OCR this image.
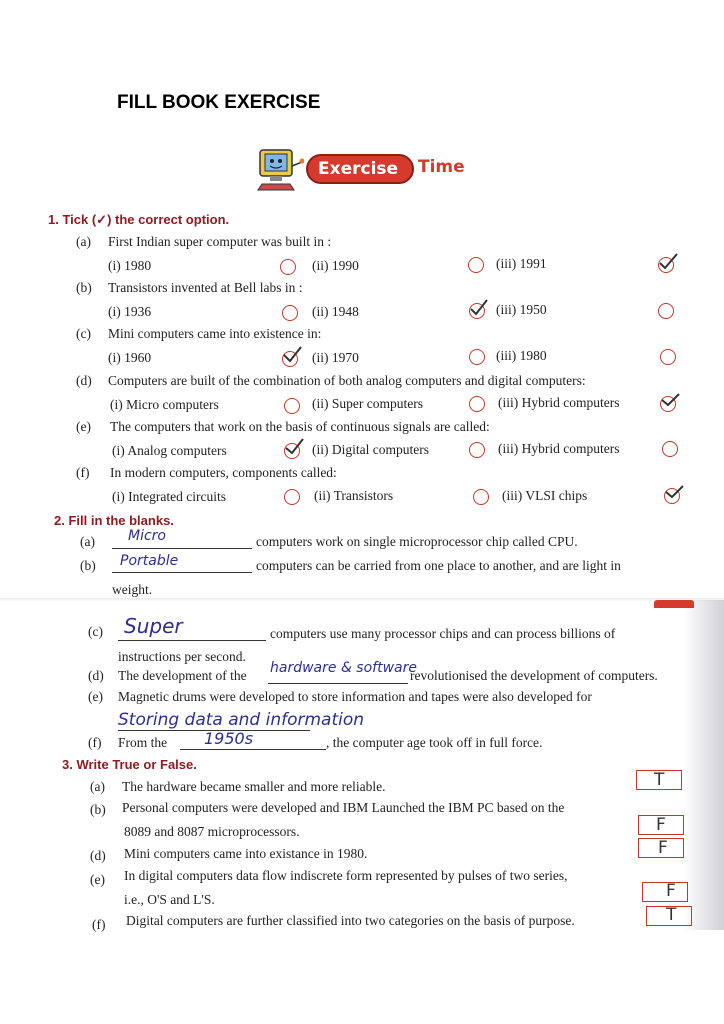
FILL BOOK EXERCISE
Exercise Time
1. Tick (✓) the correct option.
(a) First Indian super computer was built in :
(i) 1980	(ii) 1990	(iii) 1991
(b) Transistors invented at Bell labs in :
(i) 1936	(ii) 1948	(iii) 1950
(c) Mini computers came into existence in:
(i) 1960	(ii) 1970	(iii) 1980
(d) Computers are built of the combination of both analog computers and digital computers:
(i) Micro computers	(ii) Super computers	(iii) Hybrid computers
(e) The computers that work on the basis of continuous signals are called:
(i) Analog computers	(ii) Digital computers	(iii) Hybrid computers
(f) In modern computers, components called:
(i) Integrated circuits	(ii) Transistors	(iii) VLSI chips
2. Fill in the blanks.
(a) Micro	computers work on single microprocessor chip called CPU.
(b) Portable	computers can be carried from one place to another, and are light in
weight.
(c) Super	computers use many processor chips and can process billions of
instructions per second.
(d) The development of the hardware & software
revolutionised the development of computers.
(e) Magnetic drums were developed to store information and tapes were also developed for
Storing data and information
(f) From the 1950s	, the computer age took off in full force.
3. Write True or False.
(a) The hardware became smaller and more reliable.	T
(b) Personal computers were developed and IBM Launched the IBM PC based on the
8089 and 8087 microprocessors.	F
(d) Mini computers came into existance in 1980.	F
(e) In digital computers data flow indiscrete form represented by pulses of two series,
i.e., O'S and L'S.	F
(f) Digital computers are further classified into two categories on the basis of purpose.	T
